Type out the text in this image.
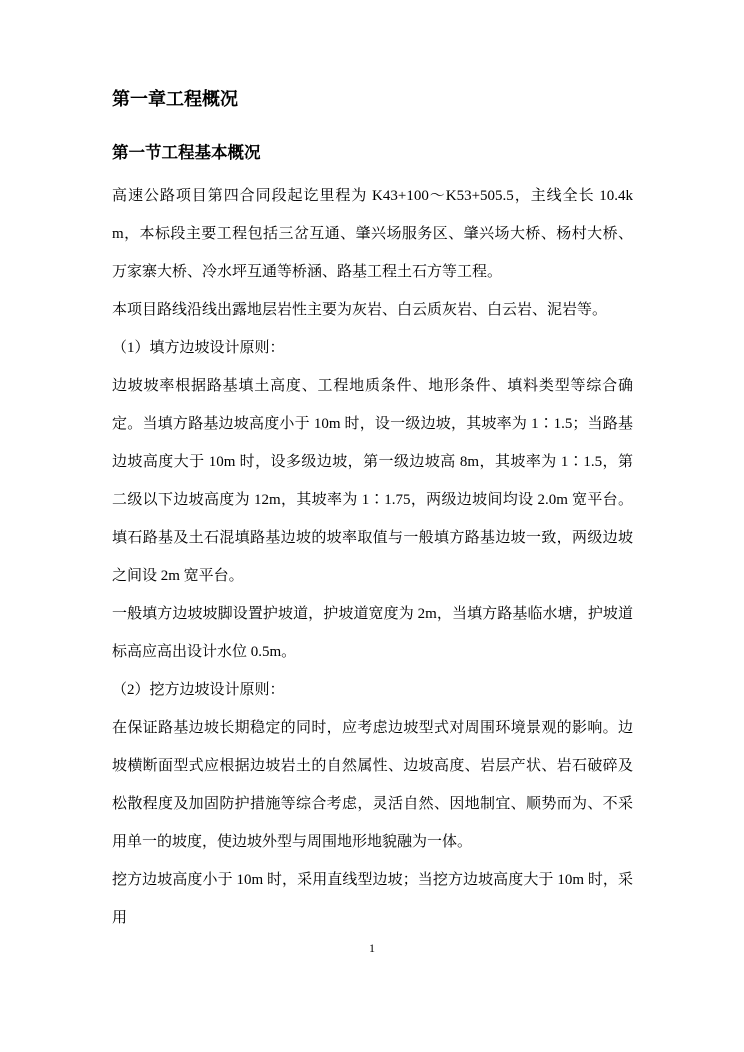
第一章工程概况
第一节工程基本概况

高速公路项目第四合同段起讫里程为 K43+100～K53+505.5，主线全长 10.4km，本标段主要工程包括三岔互通、肇兴场服务区、肇兴场大桥、杨村大桥、万家寨大桥、冷水坪互通等桥涵、路基工程土石方等工程。

本项目路线沿线出露地层岩性主要为灰岩、白云质灰岩、白云岩、泥岩等。

（1）填方边坡设计原则：

边坡坡率根据路基填土高度、工程地质条件、地形条件、填料类型等综合确定。当填方路基边坡高度小于 10m 时，设一级边坡，其坡率为 1∶1.5；当路基边坡高度大于 10m 时，设多级边坡，第一级边坡高 8m，其坡率为 1∶1.5，第二级以下边坡高度为 12m，其坡率为 1∶1.75，两级边坡间均设 2.0m 宽平台。填石路基及土石混填路基边坡的坡率取值与一般填方路基边坡一致，两级边坡之间设 2m 宽平台。

一般填方边坡坡脚设置护坡道，护坡道宽度为 2m，当填方路基临水塘，护坡道标高应高出设计水位 0.5m。

（2）挖方边坡设计原则：

在保证路基边坡长期稳定的同时，应考虑边坡型式对周围环境景观的影响。边坡横断面型式应根据边坡岩土的自然属性、边坡高度、岩层产状、岩石破碎及松散程度及加固防护措施等综合考虑，灵活自然、因地制宜、顺势而为、不采用单一的坡度，使边坡外型与周围地形地貌融为一体。

挖方边坡高度小于 10m 时，采用直线型边坡；当挖方边坡高度大于 10m 时，采用

1
